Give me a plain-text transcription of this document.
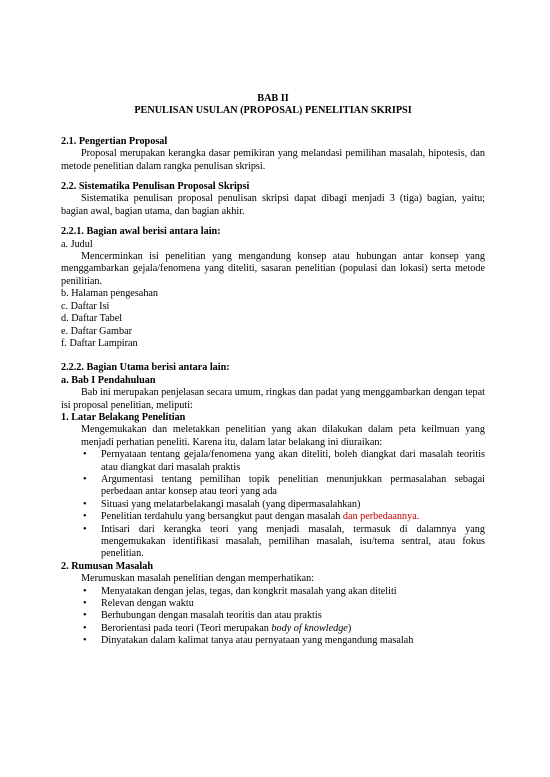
BAB II

PENULISAN USULAN (PROPOSAL) PENELITIAN SKRIPSI

2.1. Pengertian Proposal

Proposal merupakan kerangka dasar pemikiran yang melandasi pemilihan masalah, hipotesis, dan metode penelitian dalam rangka penulisan skripsi.

2.2. Sistematika Penulisan Proposal Skripsi

Sistematika penulisan proposal penulisan skripsi dapat dibagi menjadi 3 (tiga) bagian, yaitu; bagian awal, bagian utama, dan bagian akhir.

2.2.1. Bagian awal berisi antara lain:

a. Judul

Mencerminkan isi penelitian yang mengandung konsep atau hubungan antar konsep yang menggambarkan gejala/fenomena yang diteliti, sasaran penelitian (populasi dan lokasi) serta metode penilitian.

b. Halaman pengesahan

c. Daftar Isi

d. Daftar Tabel

e. Daftar Gambar

f. Daftar Lampiran

2.2.2. Bagian Utama berisi antara lain:

a. Bab I Pendahuluan

Bab ini merupakan penjelasan secara umum, ringkas dan padat yang menggambarkan dengan tepat isi proposal penelitian, meliputi:

1. Latar Belakang Penelitian

Mengemukakan dan meletakkan penelitian yang akan dilakukan dalam peta keilmuan yang menjadi perhatian peneliti. Karena itu, dalam latar belakang ini diuraikan:

• Pernyataan tentang gejala/fenomena yang akan diteliti, boleh diangkat dari masalah teoritis atau diangkat dari masalah praktis
• Argumentasi tentang pemilihan topik penelitian menunjukkan permasalahan sebagai perbedaan antar konsep atau teori yang ada
• Situasi yang melatarbelakangi masalah (yang dipermasalahkan)
• Penelitian terdahulu yang bersangkut paut dengan masalah dan perbedaannya.
• Intisari dari kerangka teori yang menjadi masalah, termasuk di dalamnya yang mengemukakan identifikasi masalah, pemilihan masalah, isu/tema sentral, atau fokus penelitian.

2. Rumusan Masalah

Merumuskan masalah penelitian dengan memperhatikan:

• Menyatakan dengan jelas, tegas, dan kongkrit masalah yang akan diteliti
• Relevan dengan waktu
• Berhubungan dengan masalah teoritis dan atau praktis
• Berorientasi pada teori (Teori merupakan body of knowledge)
• Dinyatakan dalam kalimat tanya atau pernyataan yang mengandung masalah
